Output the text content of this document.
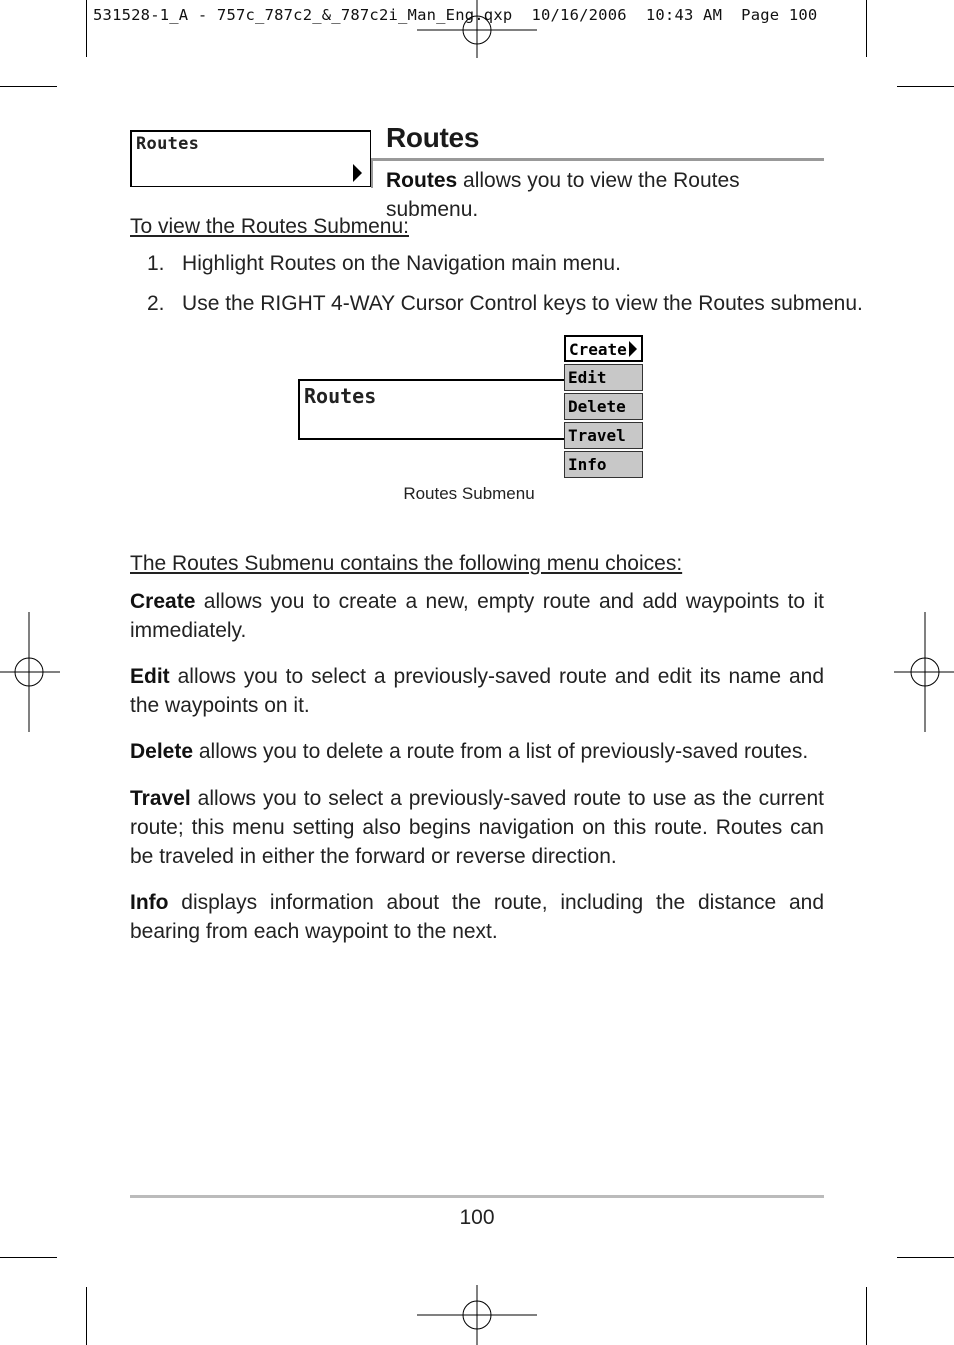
531528-1_A - 757c_787c2_&_787c2i_Man_Eng.qxp  10/16/2006  10:43 AM  Page 100
Routes	Routes
Routes allows you to view the Routes submenu.
To view the Routes Submenu:
1. Highlight Routes on the Navigation main menu.
2. Use the RIGHT 4-WAY Cursor Control keys to view the Routes submenu.
Routes
Create
Edit
Delete
Travel
Info
Routes Submenu
The Routes Submenu contains the following menu choices:
Create allows you to create a new, empty route and add waypoints to it immediately.
Edit allows you to select a previously-saved route and edit its name and the waypoints on it.
Delete allows you to delete a route from a list of previously-saved routes.
Travel allows you to select a previously-saved route to use as the current route; this menu setting also begins navigation on this route. Routes can be traveled in either the forward or reverse direction.
Info displays information about the route, including the distance and bearing from each waypoint to the next.
100
